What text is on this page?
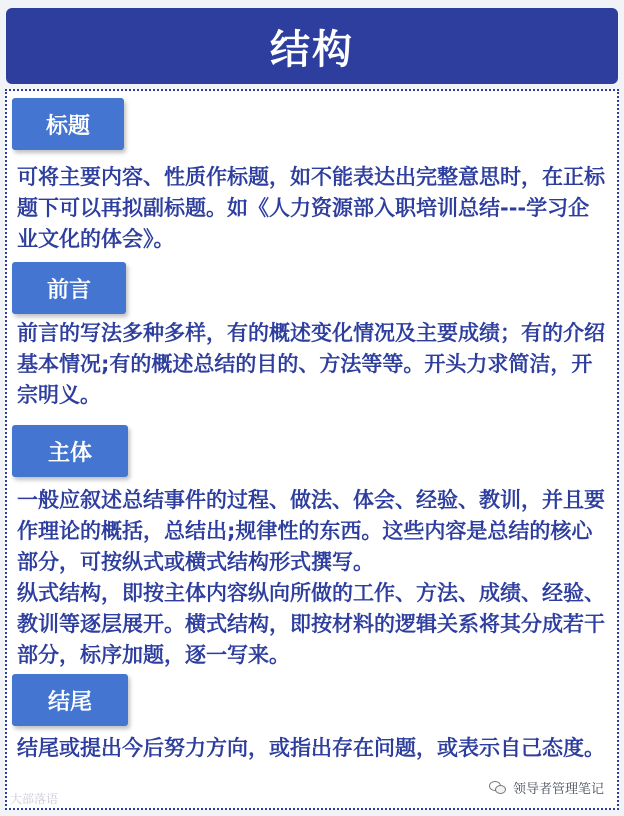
结构
标题

可将主要内容、性质作标题，如不能表达出完整意思时，在正标题下可以再拟副标题。如《人力资源部入职培训总结---学习企业文化的体会》。

前言

前言的写法多种多样，有的概述变化情况及主要成绩；有的介绍基本情况;有的概述总结的目的、方法等等。开头力求简洁，开宗明义。

主体

一般应叙述总结事件的过程、做法、体会、经验、教训，并且要作理论的概括，总结出;规律性的东西。这些内容是总结的核心部分，可按纵式或横式结构形式撰写。

纵式结构，即按主体内容纵向所做的工作、方法、成绩、经验、教训等逐层展开。横式结构，即按材料的逻辑关系将其分成若干部分，标序加题，逐一写来。

结尾

结尾或提出今后努力方向，或指出存在问题，或表示自己态度。

大部落语
领导者管理笔记
